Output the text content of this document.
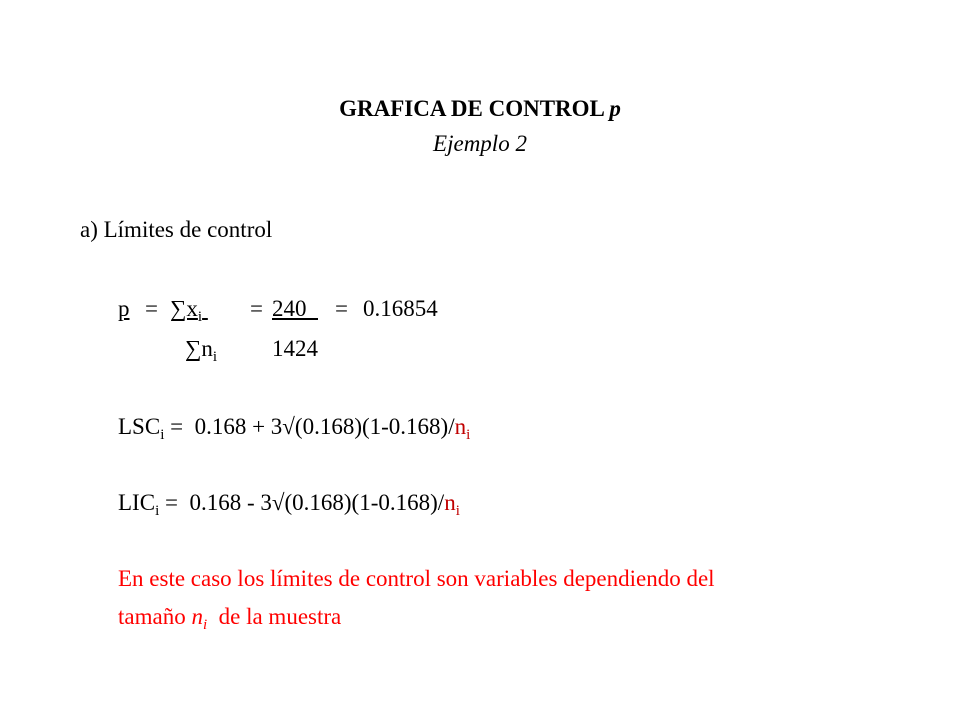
GRAFICA DE CONTROL p
Ejemplo 2
a) Límites de control
$p = \sum x_i = 240$	= 0.16854
$\sum n_i$ 1424
$LSC_i = 0.168 + 3√(0.168)(1-0.168)/n_i$
$LIC_i = 0.168 - 3√(0.168)(1-0.168)/n_i$
En este caso los límites de control son variables dependiendo del
tamaño $n_i$  de la muestra
